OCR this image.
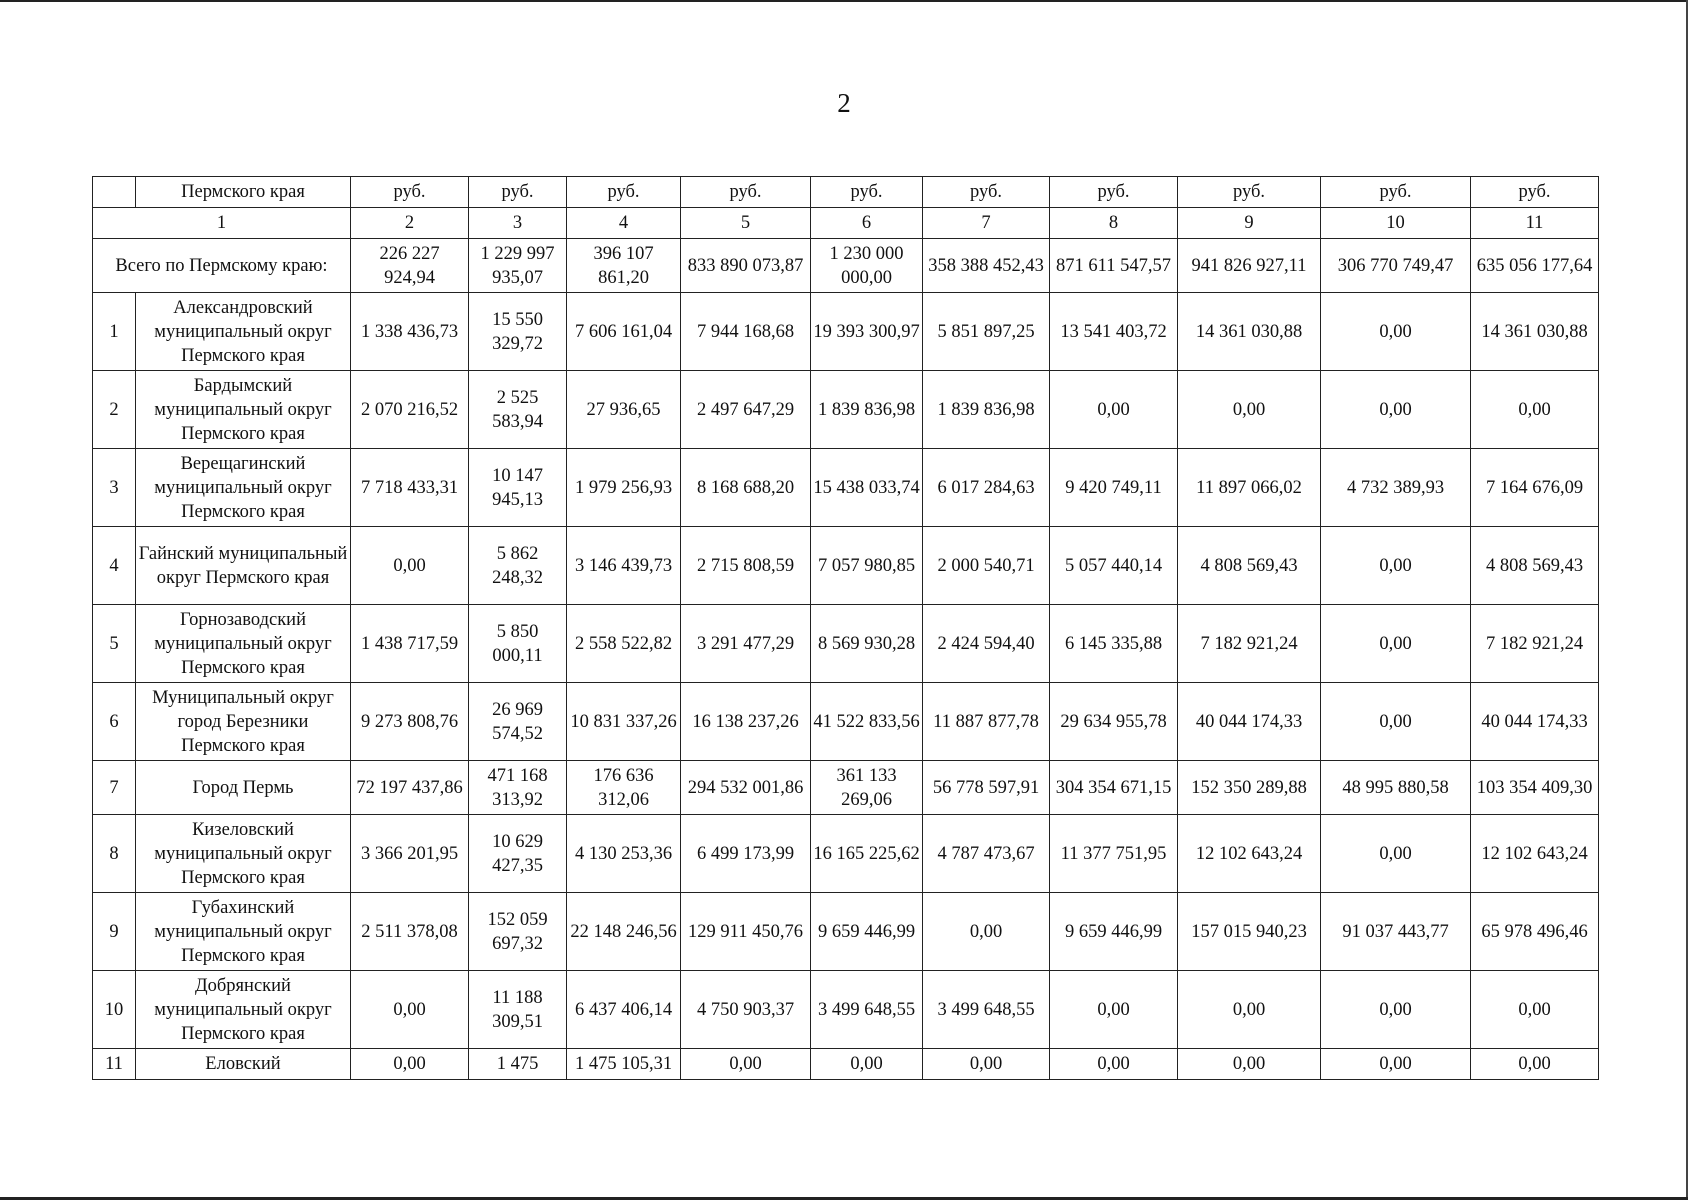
2
	Пермского края	руб.	руб.	руб.	руб.	руб.	руб.	руб.	руб.	руб.	руб.
1		2	3	4	5	6	7	8	9	10	11
Всего по Пермскому краю:		226 227 924,94	1 229 997 935,07	396 107 861,20	833 890 073,87	1 230 000 000,00	358 388 452,43	871 611 547,57	941 826 927,11	306 770 749,47	635 056 177,64
1	Александровский муниципальный округ Пермского края	1 338 436,73	15 550 329,72	7 606 161,04	7 944 168,68	19 393 300,97	5 851 897,25	13 541 403,72	14 361 030,88	0,00	14 361 030,88
2	Бардымский муниципальный округ Пермского края	2 070 216,52	2 525 583,94	27 936,65	2 497 647,29	1 839 836,98	1 839 836,98	0,00	0,00	0,00	0,00
3	Верещагинский муниципальный округ Пермского края	7 718 433,31	10 147 945,13	1 979 256,93	8 168 688,20	15 438 033,74	6 017 284,63	9 420 749,11	11 897 066,02	4 732 389,93	7 164 676,09
4	Гайнский муниципальный округ Пермского края	0,00	5 862 248,32	3 146 439,73	2 715 808,59	7 057 980,85	2 000 540,71	5 057 440,14	4 808 569,43	0,00	4 808 569,43
5	Горнозаводский муниципальный округ Пермского края	1 438 717,59	5 850 000,11	2 558 522,82	3 291 477,29	8 569 930,28	2 424 594,40	6 145 335,88	7 182 921,24	0,00	7 182 921,24
6	Муниципальный округ город Березники Пермского края	9 273 808,76	26 969 574,52	10 831 337,26	16 138 237,26	41 522 833,56	11 887 877,78	29 634 955,78	40 044 174,33	0,00	40 044 174,33
7	Город Пермь	72 197 437,86	471 168 313,92	176 636 312,06	294 532 001,86	361 133 269,06	56 778 597,91	304 354 671,15	152 350 289,88	48 995 880,58	103 354 409,30
8	Кизеловский муниципальный округ Пермского края	3 366 201,95	10 629 427,35	4 130 253,36	6 499 173,99	16 165 225,62	4 787 473,67	11 377 751,95	12 102 643,24	0,00	12 102 643,24
9	Губахинский муниципальный округ Пермского края	2 511 378,08	152 059 697,32	22 148 246,56	129 911 450,76	9 659 446,99	0,00	9 659 446,99	157 015 940,23	91 037 443,77	65 978 496,46
10	Добрянский муниципальный округ Пермского края	0,00	11 188 309,51	6 437 406,14	4 750 903,37	3 499 648,55	3 499 648,55	0,00	0,00	0,00	0,00
11	Еловский	0,00	1 475	1 475 105,31	0,00	0,00	0,00	0,00	0,00	0,00	0,00
